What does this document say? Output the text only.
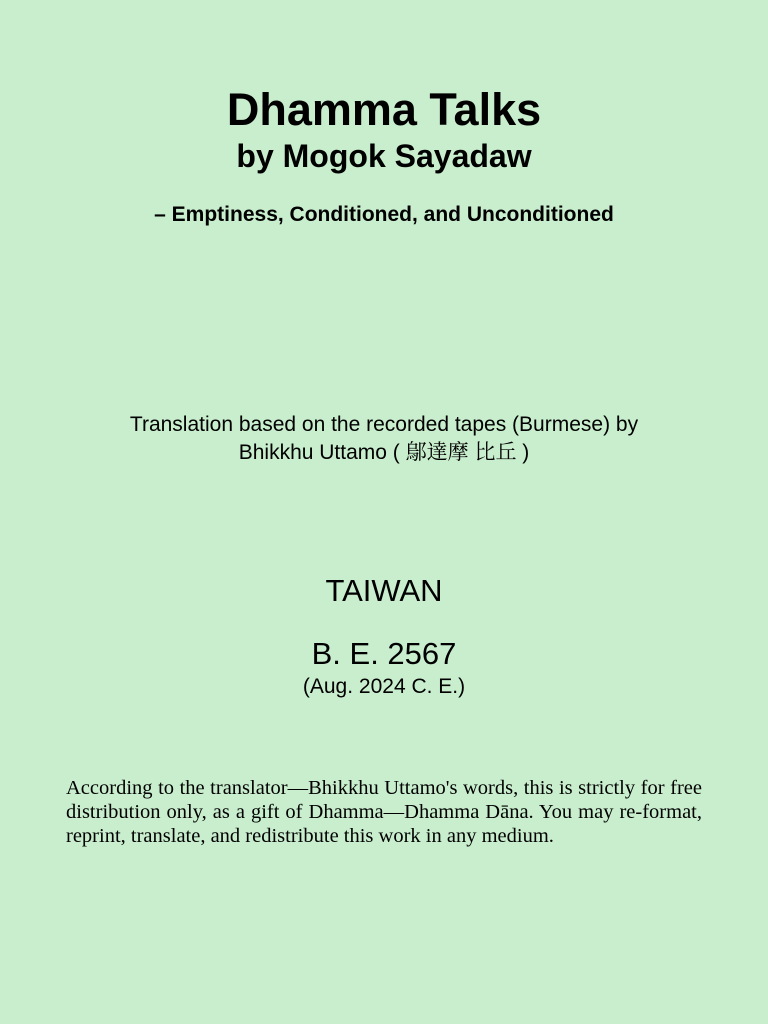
Dhamma Talks
by Mogok Sayadaw
– Emptiness, Conditioned, and Unconditioned
Translation based on the recorded tapes (Burmese) by
Bhikkhu Uttamo ( 鄔達摩 比丘 )
TAIWAN
B. E. 2567
(Aug. 2024 C. E.)
According to the translator—Bhikkhu Uttamo's words, this is strictly for free distribution only, as a gift of Dhamma—Dhamma Dāna. You may re-format, reprint, translate, and redistribute this work in any medium.
